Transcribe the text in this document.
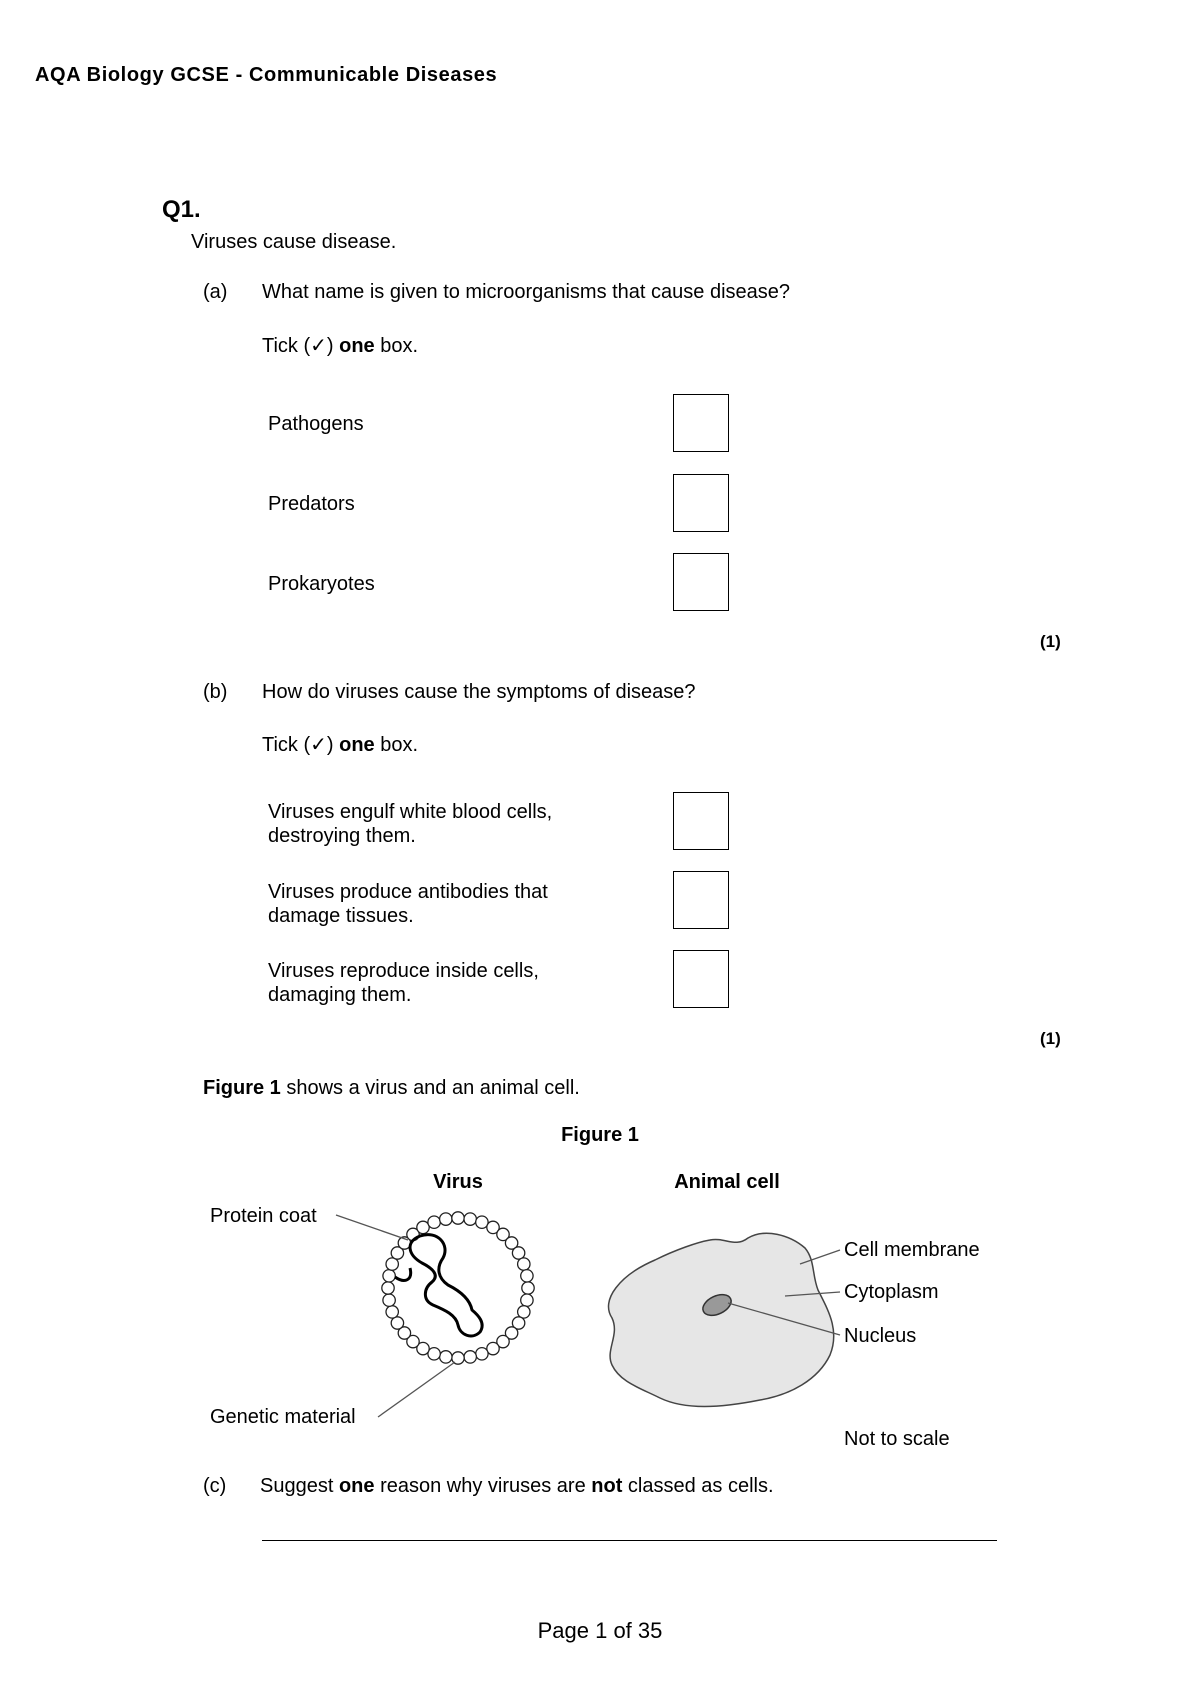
AQA Biology GCSE - Communicable Diseases
Q1.
Viruses cause disease.
(a) What name is given to microorganisms that cause disease?
Tick (✓) one box.
Pathogens
Predators
Prokaryotes
(1)
(b) How do viruses cause the symptoms of disease?
Tick (✓) one box.
Viruses engulf white blood cells,
destroying them.
Viruses produce antibodies that
damage tissues.
Viruses reproduce inside cells,
damaging them.
(1)
Figure 1 shows a virus and an animal cell.
Figure 1
Virus	Animal cell
Protein coat
Genetic material
Cell membrane
Cytoplasm
Nucleus
Not to scale
(c) Suggest one reason why viruses are not classed as cells.
Page 1 of 35
